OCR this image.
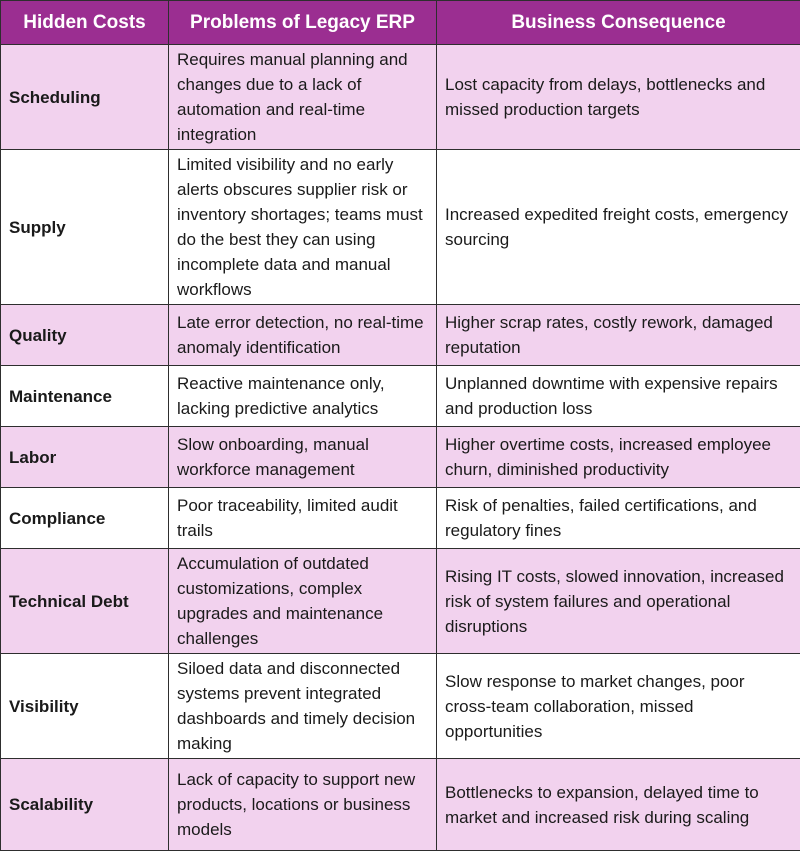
Hidden Costs	Problems of Legacy ERP	Business Consequence
Scheduling	Requires manual planning and changes due to a lack of automation and real-time integration	Lost capacity from delays, bottlenecks and missed production targets
Supply	Limited visibility and no early alerts obscures supplier risk or inventory shortages; teams must do the best they can using incomplete data and manual workflows	Increased expedited freight costs, emergency sourcing
Quality	Late error detection, no real-time anomaly identification	Higher scrap rates, costly rework, damaged reputation
Maintenance	Reactive maintenance only, lacking predictive analytics	Unplanned downtime with expensive repairs and production loss
Labor	Slow onboarding, manual workforce management	Higher overtime costs, increased employee churn, diminished productivity
Compliance	Poor traceability, limited audit trails	Risk of penalties, failed certifications, and regulatory fines
Technical Debt	Accumulation of outdated customizations, complex upgrades and maintenance challenges	Rising IT costs, slowed innovation, increased risk of system failures and operational disruptions
Visibility	Siloed data and disconnected systems prevent integrated dashboards and timely decision making	Slow response to market changes, poor cross-team collaboration, missed opportunities
Scalability	Lack of capacity to support new products, locations or business models	Bottlenecks to expansion, delayed time to market and increased risk during scaling
